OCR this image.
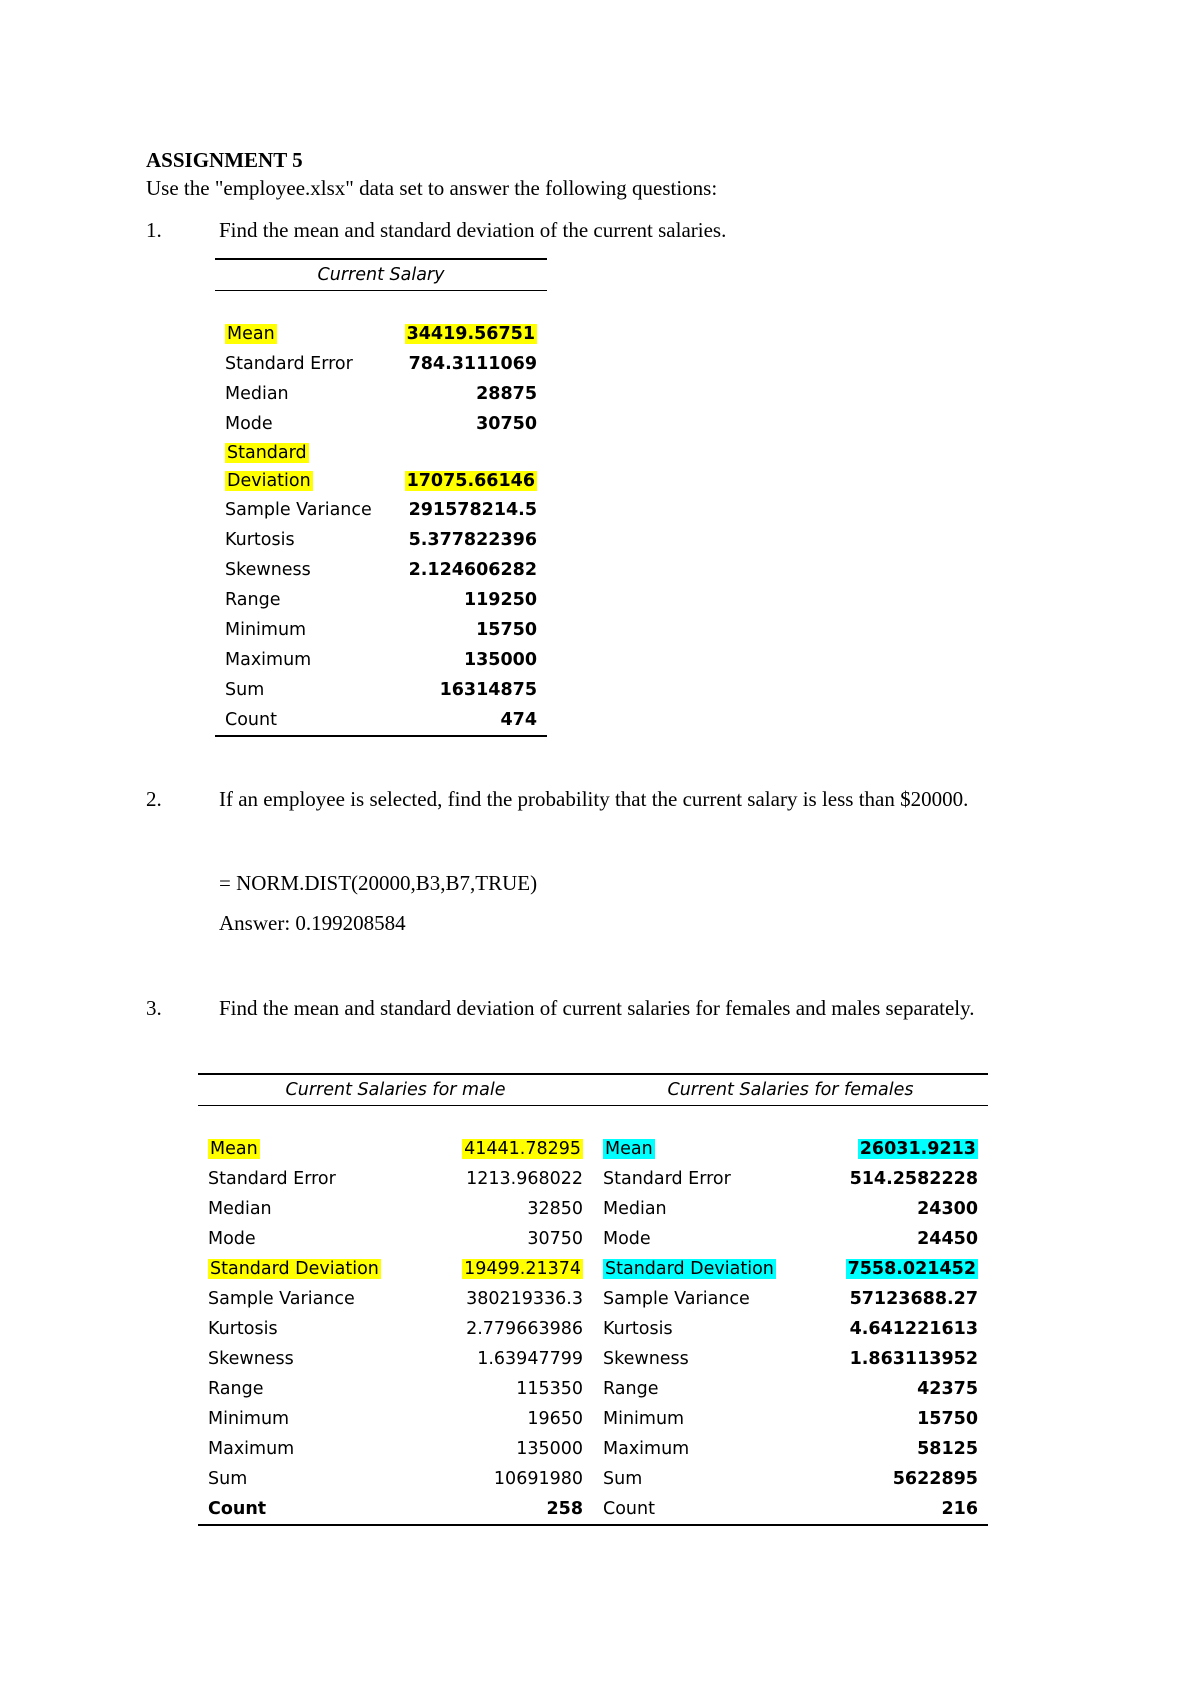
ASSIGNMENT 5
Use the "employee.xlsx" data set to answer the following questions:
1.	Find the mean and standard deviation of the current salaries.
Current Salary	

Mean	34419.56751
Standard Error	784.3111069
Median	28875
Mode	30750
Standard
Deviation	17075.66146
Sample Variance	291578214.5
Kurtosis	5.377822396
Skewness	2.124606282
Range	119250
Minimum	15750
Maximum	135000
Sum	16314875
Count	474
2.	If an employee is selected, find the probability that the current salary is less than $20000.
= NORM.DIST(20000,B3,B7,TRUE)
Answer: 0.199208584
3.	Find the mean and standard deviation of current salaries for females and males separately.
Current Salaries for male		Current Salaries for females	

Mean	41441.78295	Mean	26031.9213
Standard Error	1213.968022	Standard Error	514.2582228
Median	32850	Median	24300
Mode	30750	Mode	24450
Standard Deviation	19499.21374	Standard Deviation	7558.021452
Sample Variance	380219336.3	Sample Variance	57123688.27
Kurtosis	2.779663986	Kurtosis	4.641221613
Skewness	1.63947799	Skewness	1.863113952
Range	115350	Range	42375
Minimum	19650	Minimum	15750
Maximum	135000	Maximum	58125
Sum	10691980	Sum	5622895
Count	258	Count	216
